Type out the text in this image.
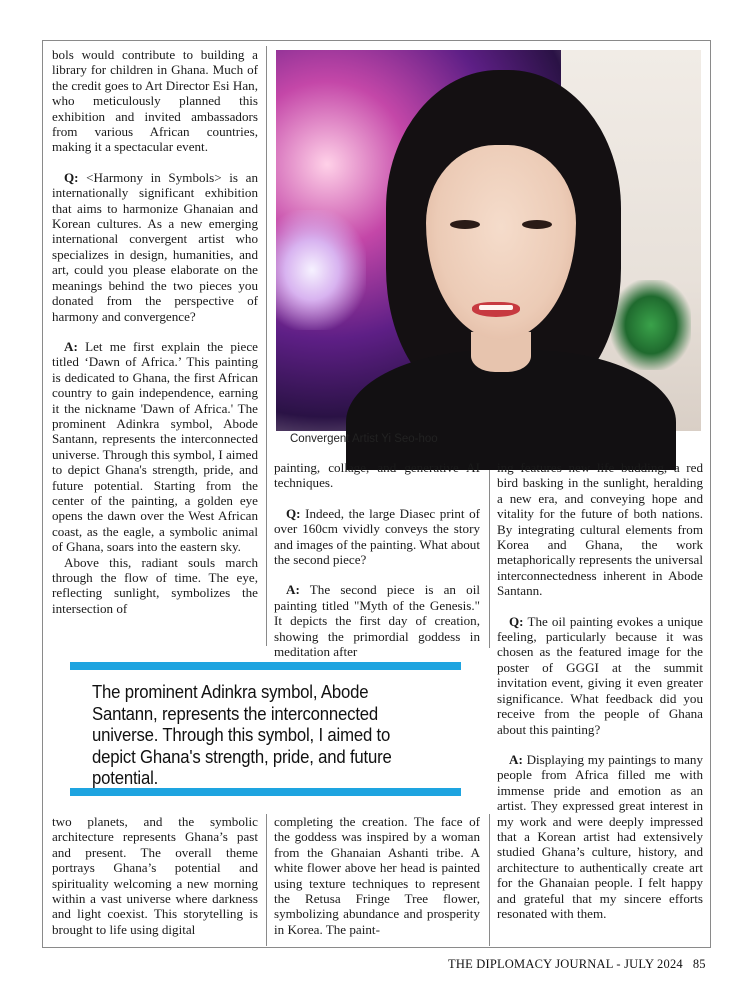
bols would contribute to building a library for children in Ghana. Much of the credit goes to Art Director Esi Han, who meticulously planned this exhibition and invited ambassadors from various African countries, making it a spectacular event.

Q: <Harmony in Symbols> is an internationally significant exhibition that aims to harmonize Ghanaian and Korean cultures. As a new emerging international convergent artist who specializes in design, humanities, and art, could you please elaborate on the meanings behind the two pieces you donated from the perspective of harmony and convergence?

A: Let me first explain the piece titled ‘Dawn of Africa.’ This painting is dedicated to Ghana, the first African country to gain independence, earning it the nickname 'Dawn of Africa.' The prominent Adinkra symbol, Abode Santann, represents the interconnected universe. Through this symbol, I aimed to depict Ghana's strength, pride, and future potential. Starting from the center of the painting, a golden eye opens the dawn over the West African coast, as the eagle, a symbolic animal of Ghana, soars into the eastern sky.

Above this, radiant souls march through the flow of time. The eye, reflecting sunlight, symbolizes the intersection of

Convergent Artist Yi Seo-hoo

painting, collage, and generative AI techniques.

Q: Indeed, the large Diasec print of over 160cm vividly conveys the story and images of the painting. What about the second piece?

A: The second piece is an oil painting titled "Myth of the Genesis." It depicts the first day of creation, showing the primordial goddess in meditation after

ing features new life budding, a red bird basking in the sunlight, heralding a new era, and conveying hope and vitality for the future of both nations. By integrating cultural elements from Korea and Ghana, the work metaphorically represents the universal interconnectedness inherent in Abode Santann.

Q: The oil painting evokes a unique feeling, particularly because it was chosen as the featured image for the poster of GGGI at the summit invitation event, giving it even greater significance. What feedback did you receive from the people of Ghana about this painting?

A: Displaying my paintings to many people from Africa filled me with immense pride and emotion as an artist. They expressed great interest in my work and were deeply impressed that a Korean artist had extensively studied Ghana’s culture, history, and architecture to authentically create art for the Ghanaian people. I felt happy and grateful that my sincere efforts resonated with them.

The prominent Adinkra symbol, Abode Santann, represents the interconnected universe. Through this symbol, I aimed to depict Ghana's strength, pride, and future potential.

two planets, and the symbolic architecture represents Ghana’s past and present. The overall theme portrays Ghana’s potential and spirituality welcoming a new morning within a vast universe where darkness and light coexist. This storytelling is brought to life using digital

completing the creation. The face of the goddess was inspired by a woman from the Ghanaian Ashanti tribe. A white flower above her head is painted using texture techniques to represent the Retusa Fringe Tree flower, symbolizing abundance and prosperity in Korea. The paint-

THE DIPLOMACY JOURNAL - JULY 2024 85
